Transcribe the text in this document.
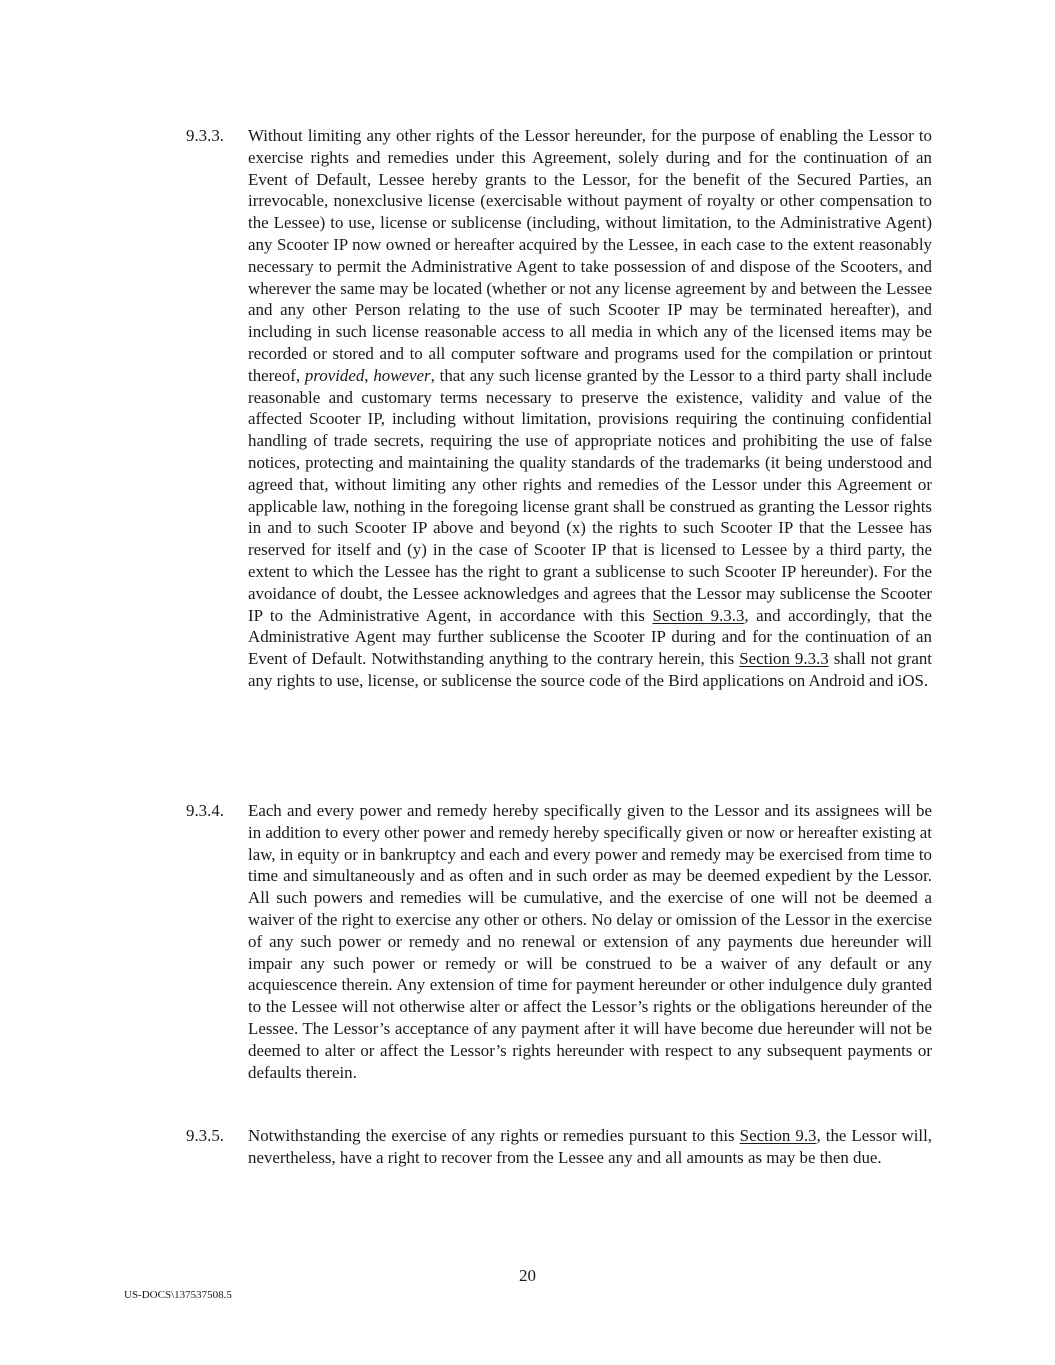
9.3.3.	Without limiting any other rights of the Lessor hereunder, for the purpose of enabling the Lessor to exercise rights and remedies under this Agreement, solely during and for the continuation of an Event of Default, Lessee hereby grants to the Lessor, for the benefit of the Secured Parties, an irrevocable, nonexclusive license (exercisable without payment of royalty or other compensation to the Lessee) to use, license or sublicense (including, without limitation, to the Administrative Agent) any Scooter IP now owned or hereafter acquired by the Lessee, in each case to the extent reasonably necessary to permit the Administrative Agent to take possession of and dispose of the Scooters, and wherever the same may be located (whether or not any license agreement by and between the Lessee and any other Person relating to the use of such Scooter IP may be terminated hereafter), and including in such license reasonable access to all media in which any of the licensed items may be recorded or stored and to all computer software and programs used for the compilation or printout thereof, provided, however, that any such license granted by the Lessor to a third party shall include reasonable and customary terms necessary to preserve the existence, validity and value of the affected Scooter IP, including without limitation, provisions requiring the continuing confidential handling of trade secrets, requiring the use of appropriate notices and prohibiting the use of false notices, protecting and maintaining the quality standards of the trademarks (it being understood and agreed that, without limiting any other rights and remedies of the Lessor under this Agreement or applicable law, nothing in the foregoing license grant shall be construed as granting the Lessor rights in and to such Scooter IP above and beyond (x) the rights to such Scooter IP that the Lessee has reserved for itself and (y) in the case of Scooter IP that is licensed to Lessee by a third party, the extent to which the Lessee has the right to grant a sublicense to such Scooter IP hereunder). For the avoidance of doubt, the Lessee acknowledges and agrees that the Lessor may sublicense the Scooter IP to the Administrative Agent, in accordance with this Section 9.3.3, and accordingly, that the Administrative Agent may further sublicense the Scooter IP during and for the continuation of an Event of Default. Notwithstanding anything to the contrary herein, this Section 9.3.3 shall not grant any rights to use, license, or sublicense the source code of the Bird applications on Android and iOS.

9.3.4.	Each and every power and remedy hereby specifically given to the Lessor and its assignees will be in addition to every other power and remedy hereby specifically given or now or hereafter existing at law, in equity or in bankruptcy and each and every power and remedy may be exercised from time to time and simultaneously and as often and in such order as may be deemed expedient by the Lessor. All such powers and remedies will be cumulative, and the exercise of one will not be deemed a waiver of the right to exercise any other or others. No delay or omission of the Lessor in the exercise of any such power or remedy and no renewal or extension of any payments due hereunder will impair any such power or remedy or will be construed to be a waiver of any default or any acquiescence therein. Any extension of time for payment hereunder or other indulgence duly granted to the Lessee will not otherwise alter or affect the Lessor’s rights or the obligations hereunder of the Lessee. The Lessor’s acceptance of any payment after it will have become due hereunder will not be deemed to alter or affect the Lessor’s rights hereunder with respect to any subsequent payments or defaults therein.

9.3.5.	Notwithstanding the exercise of any rights or remedies pursuant to this Section 9.3, the Lessor will, nevertheless, have a right to recover from the Lessee any and all amounts as may be then due.

20
US-DOCS\137537508.5
